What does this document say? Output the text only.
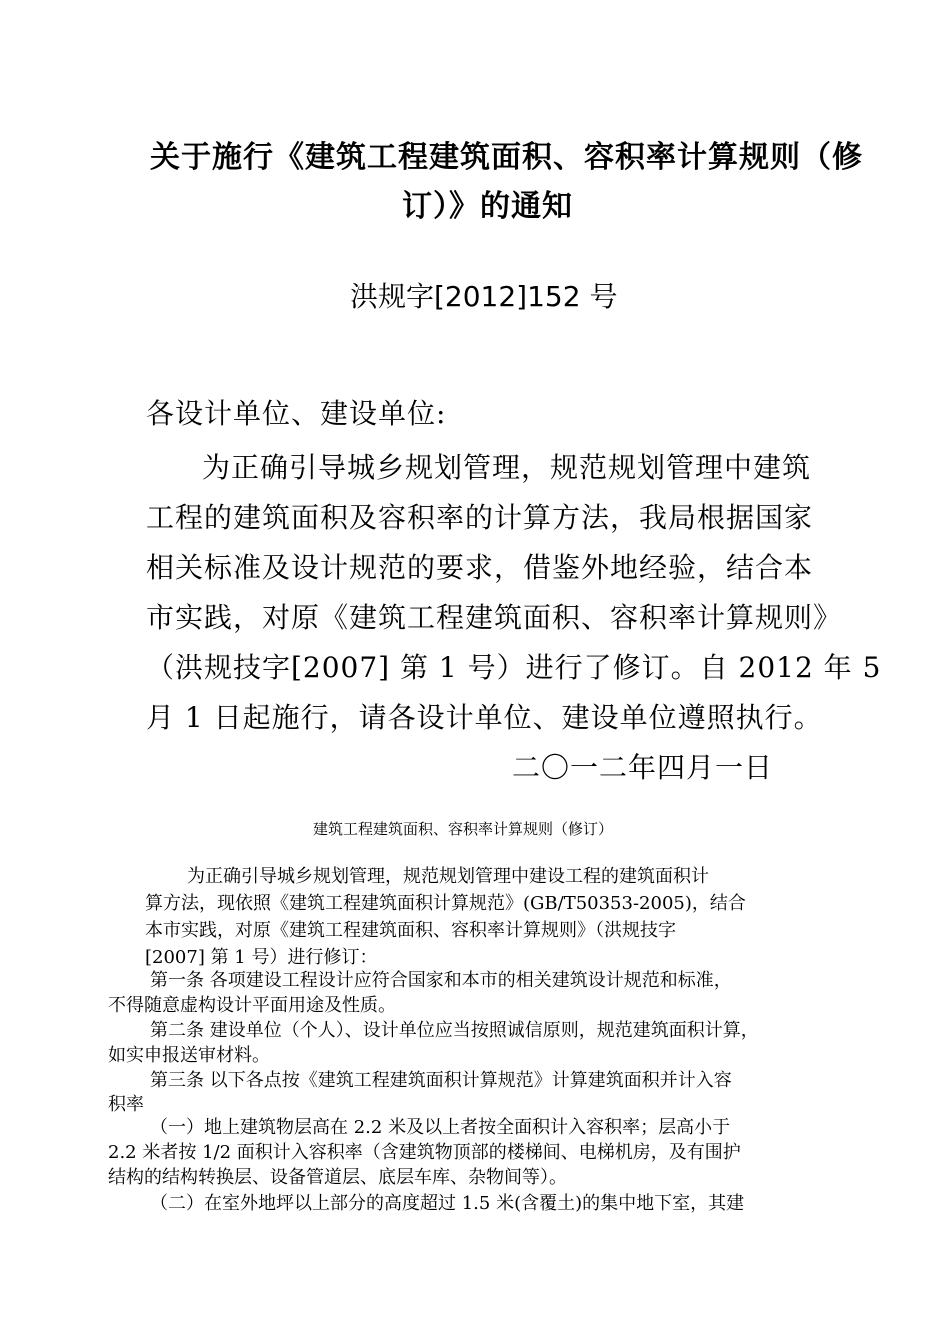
关于施行《建筑工程建筑面积、容积率计算规则（修
订）》的通知
洪规字[2012]152 号
各设计单位、建设单位:
为正确引导城乡规划管理，规范规划管理中建筑
工程的建筑面积及容积率的计算方法，我局根据国家
相关标准及设计规范的要求，借鉴外地经验，结合本
市实践，对原《建筑工程建筑面积、容积率计算规则》
（洪规技字[2007] 第 1 号）进行了修订。自 2012 年 5
月 1 日起施行，请各设计单位、建设单位遵照执行。
二〇一二年四月一日
建筑工程建筑面积、容积率计算规则（修订）
为正确引导城乡规划管理，规范规划管理中建设工程的建筑面积计
算方法，现依照《建筑工程建筑面积计算规范》(GB/T50353-2005)，结合
本市实践，对原《建筑工程建筑面积、容积率计算规则》（洪规技字
[2007] 第 1 号）进行修订：
第一条 各项建设工程设计应符合国家和本市的相关建筑设计规范和标准，
不得随意虚构设计平面用途及性质。
第二条 建设单位（个人）、设计单位应当按照诚信原则，规范建筑面积计算，
如实申报送审材料。
第三条 以下各点按《建筑工程建筑面积计算规范》计算建筑面积并计入容
积率
（一）地上建筑物层高在 2.2 米及以上者按全面积计入容积率；层高小于
2.2 米者按 1/2 面积计入容积率（含建筑物顶部的楼梯间、电梯机房，及有围护
结构的结构转换层、设备管道层、底层车库、杂物间等）。
（二）在室外地坪以上部分的高度超过 1.5 米(含覆土)的集中地下室，其建
